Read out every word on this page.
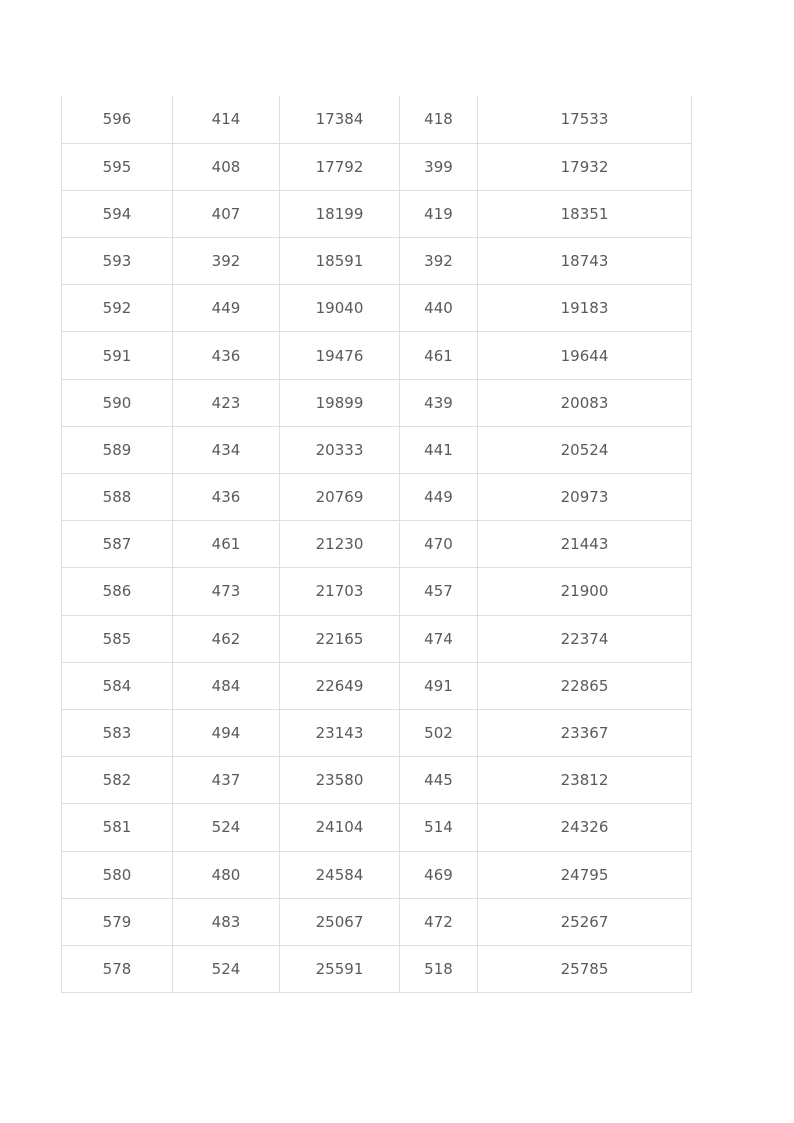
596	414	17384	418	17533
595	408	17792	399	17932
594	407	18199	419	18351
593	392	18591	392	18743
592	449	19040	440	19183
591	436	19476	461	19644
590	423	19899	439	20083
589	434	20333	441	20524
588	436	20769	449	20973
587	461	21230	470	21443
586	473	21703	457	21900
585	462	22165	474	22374
584	484	22649	491	22865
583	494	23143	502	23367
582	437	23580	445	23812
581	524	24104	514	24326
580	480	24584	469	24795
579	483	25067	472	25267
578	524	25591	518	25785
